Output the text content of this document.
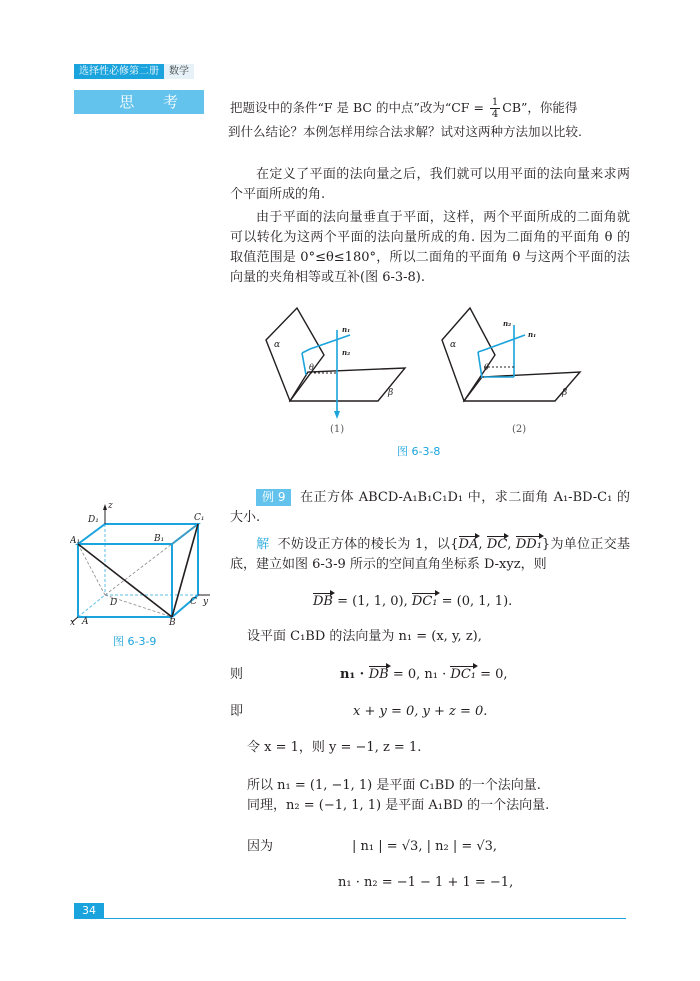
选择性必修第二册	数学
思 考	把题设中的条件“F 是 BC 的中点”改为“CF = $\frac{1}{4}$ CB”，你能得
到什么结论？本例怎样用综合法求解？试对这两种方法加以比较.
在定义了平面的法向量之后，我们就可以用平面的法向量来求两个平面所成的角.
由于平面的法向量垂直于平面，这样，两个平面所成的二面角就可以转化为这两个平面的法向量所成的角. 因为二面角的平面角 θ 的取值范围是 0°≤θ≤180°，所以二面角的平面角 θ 与这两个平面的法向量的夹角相等或互补(图 6-3-8).
α
β
θ
n₁
n₂
α
β
θ
n₂
n₁
(1)	(2)
图 6-3-8
z
D₁	C₁
A₁	B₁
D	C y
A	B
x
图 6-3-9
例 9 在正方体 ABCD-A₁B₁C₁D₁ 中，求二面角 A₁-BD-C₁ 的大小.
解 不妨设正方体的棱长为 1，以{DA, DC, DD₁}为单位正交基底，建立如图 6-3-9 所示的空间直角坐标系 D-xyz，则
DB = (1, 1, 0), DC₁ = (0, 1, 1).
设平面 C₁BD 的法向量为 n₁ = (x, y, z),
则	n₁ · DB = 0, n₁ · DC₁ = 0,
即	x + y = 0, y + z = 0.
令 x = 1，则 y = −1, z = 1.
所以 n₁ = (1, −1, 1) 是平面 C₁BD 的一个法向量.
同理，n₂ = (−1, 1, 1) 是平面 A₁BD 的一个法向量.
因为	| n₁ | = √3, | n₂ | = √3,
n₁ · n₂ = −1 − 1 + 1 = −1,
34
